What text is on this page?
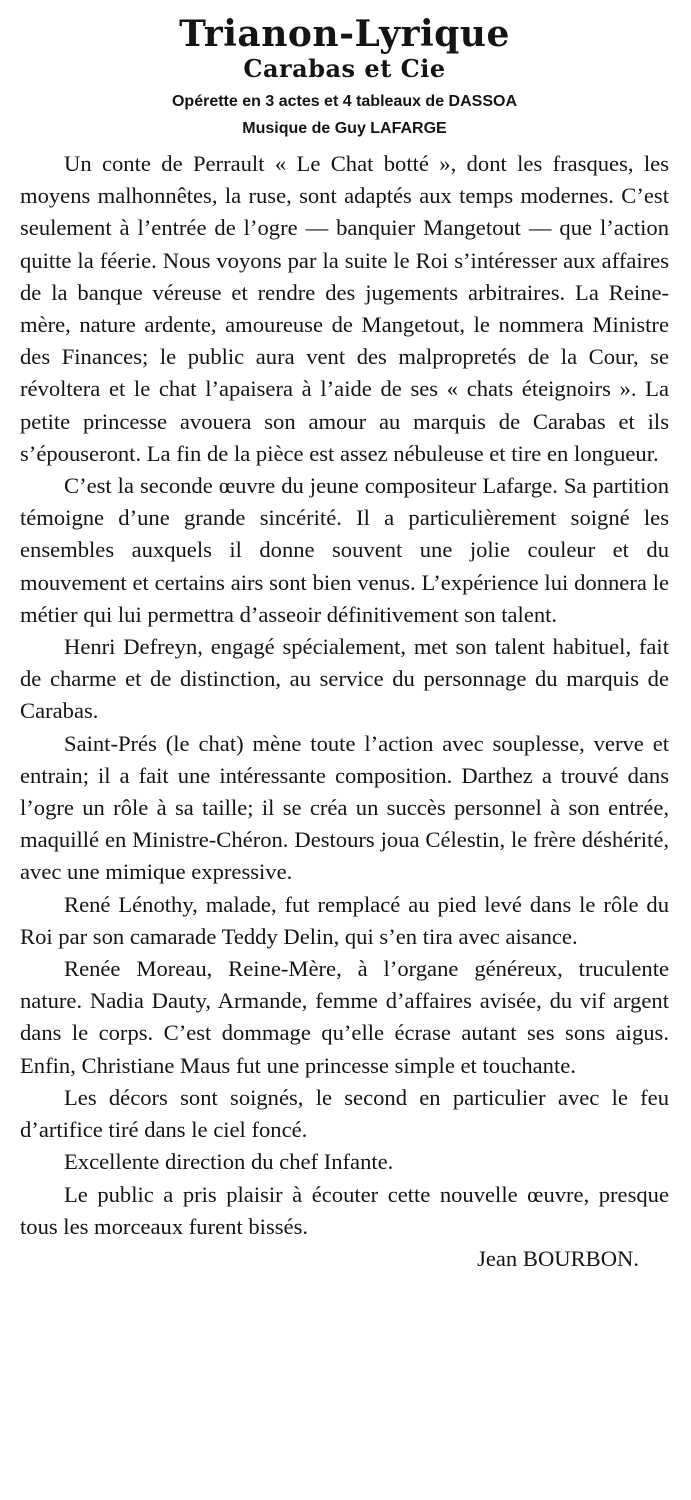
Trianon-Lyrique
Carabas et Cie

Opérette en 3 actes et 4 tableaux de DASSOA

Musique de Guy LAFARGE

Un conte de Perrault « Le Chat botté », dont les frasques, les moyens malhonnêtes, la ruse, sont adaptés aux temps modernes. C’est seulement à l’entrée de l’ogre — banquier Mangetout — que l’action quitte la féerie. Nous voyons par la suite le Roi s’intéresser aux affaires de la banque véreuse et rendre des jugements arbitraires. La Reine-mère, nature ardente, amoureuse de Mangetout, le nommera Ministre des Finances; le public aura vent des malpropretés de la Cour, se révoltera et le chat l’apaisera à l’aide de ses « chats éteignoirs ». La petite princesse avouera son amour au marquis de Carabas et ils s’épouseront. La fin de la pièce est assez nébuleuse et tire en longueur.

C’est la seconde œuvre du jeune compositeur Lafarge. Sa partition témoigne d’une grande sincérité. Il a particulièrement soigné les ensembles auxquels il donne souvent une jolie couleur et du mouvement et certains airs sont bien venus. L’expérience lui donnera le métier qui lui permettra d’asseoir définitivement son talent.

Henri Defreyn, engagé spécialement, met son talent habituel, fait de charme et de distinction, au service du personnage du marquis de Carabas.

Saint-Prés (le chat) mène toute l’action avec souplesse, verve et entrain; il a fait une intéressante composition. Darthez a trouvé dans l’ogre un rôle à sa taille; il se créa un succès personnel à son entrée, maquillé en Ministre-Chéron. Destours joua Célestin, le frère déshérité, avec une mimique expressive.

René Lénothy, malade, fut remplacé au pied levé dans le rôle du Roi par son camarade Teddy Delin, qui s’en tira avec aisance.

Renée Moreau, Reine-Mère, à l’organe généreux, truculente nature. Nadia Dauty, Armande, femme d’affaires avisée, du vif argent dans le corps. C’est dommage qu’elle écrase autant ses sons aigus. Enfin, Christiane Maus fut une princesse simple et touchante.

Les décors sont soignés, le second en particulier avec le feu d’artifice tiré dans le ciel foncé.

Excellente direction du chef Infante.

Le public a pris plaisir à écouter cette nouvelle œuvre, presque tous les morceaux furent bissés.

Jean BOURBON.
